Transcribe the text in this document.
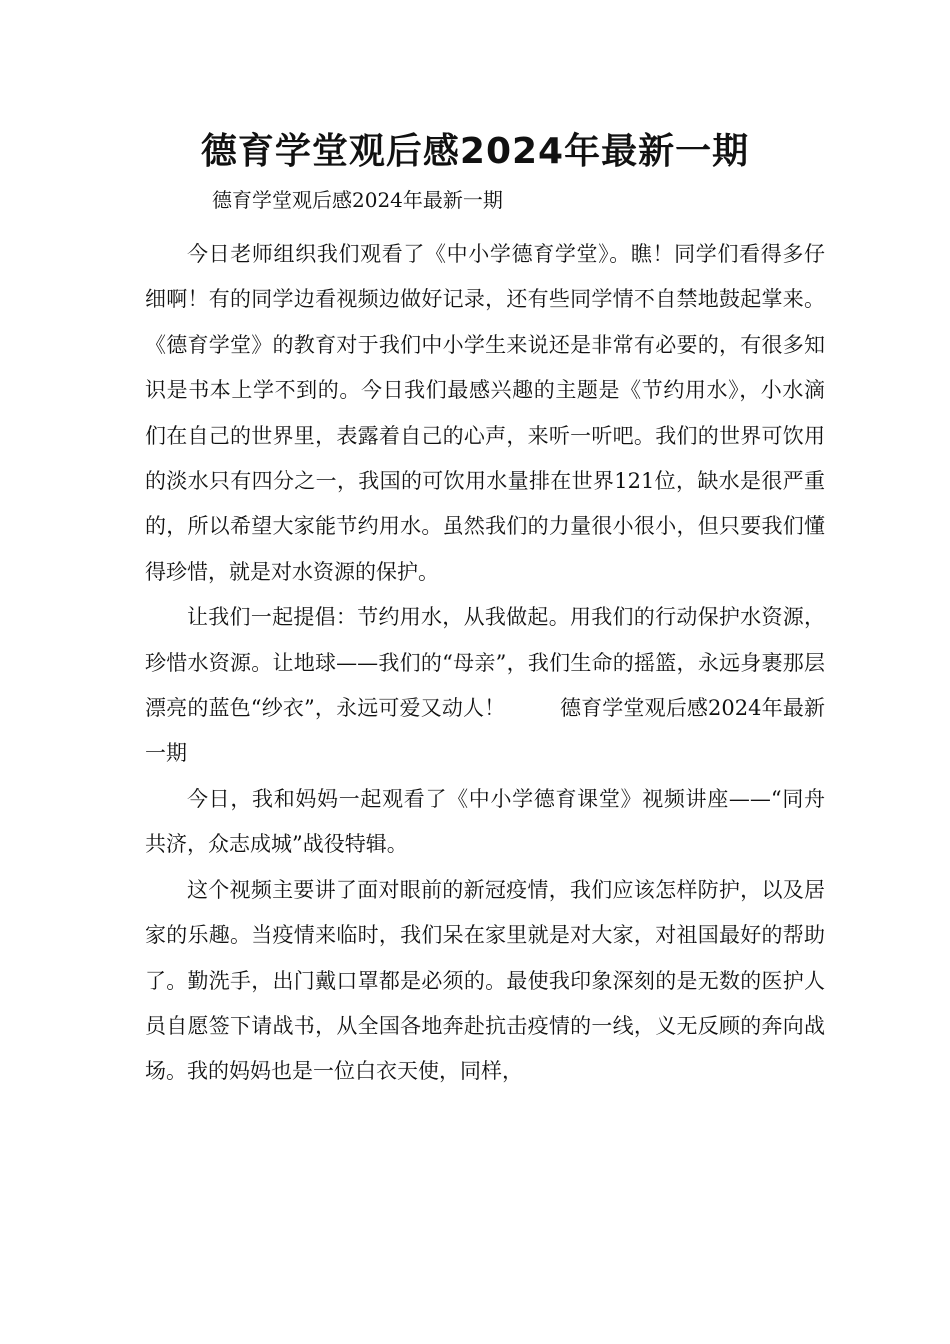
德育学堂观后感2024年最新一期

德育学堂观后感2024年最新一期

今日老师组织我们观看了《中小学德育学堂》。瞧！同学们看得多仔细啊！有的同学边看视频边做好记录，还有些同学情不自禁地鼓起掌来。《德育学堂》的教育对于我们中小学生来说还是非常有必要的，有很多知识是书本上学不到的。今日我们最感兴趣的主题是《节约用水》，小水滴们在自己的世界里，表露着自己的心声，来听一听吧。我们的世界可饮用的淡水只有四分之一，我国的可饮用水量排在世界121位，缺水是很严重的，所以希望大家能节约用水。虽然我们的力量很小很小，但只要我们懂得珍惜，就是对水资源的保护。

让我们一起提倡：节约用水，从我做起。用我们的行动保护水资源，珍惜水资源。让地球——我们的“母亲”，我们生命的摇篮，永远身裹那层漂亮的蓝色“纱衣”，永远可爱又动人！	德育学堂观后感2024年最新一期

今日，我和妈妈一起观看了《中小学德育课堂》视频讲座——“同舟共济，众志成城”战役特辑。

这个视频主要讲了面对眼前的新冠疫情，我们应该怎样防护，以及居家的乐趣。当疫情来临时，我们呆在家里就是对大家，对祖国最好的帮助了。勤洗手，出门戴口罩都是必须的。最使我印象深刻的是无数的医护人员自愿签下请战书，从全国各地奔赴抗击疫情的一线，义无反顾的奔向战场。我的妈妈也是一位白衣天使，同样，
